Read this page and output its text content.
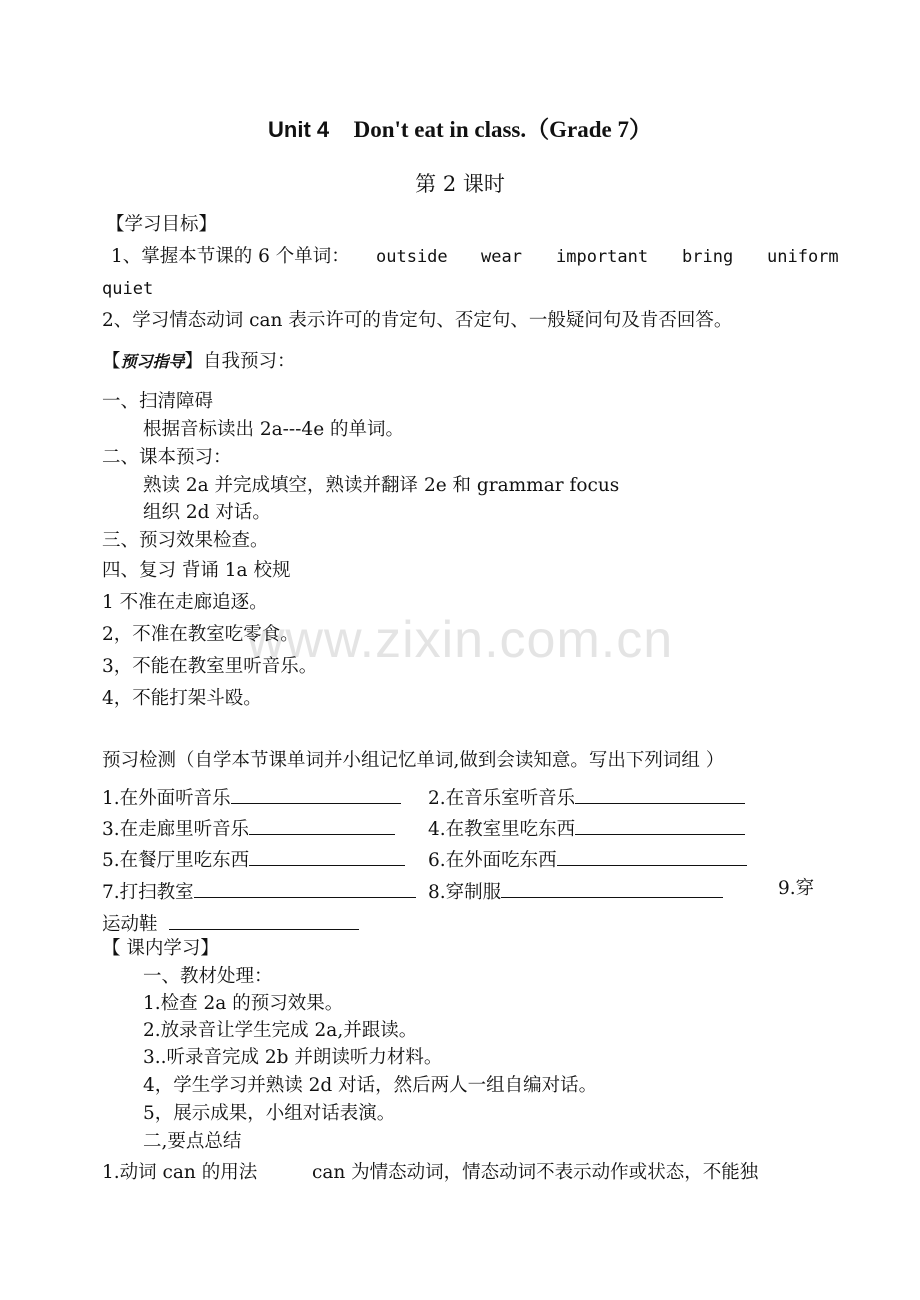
www.zixin.com.cn
Unit 4 Don't eat in class.（Grade 7）
第 2 课时
【学习目标】
1、掌握本节课的 6 个单词： outside wear important bring uniform
quiet
2、学习情态动词 can 表示许可的肯定句、否定句、一般疑问句及肯否回答。
【预习指导】自我预习：
一、扫清障碍
根据音标读出 2a---4e 的单词。
二、课本预习：
熟读 2a 并完成填空，熟读并翻译 2e 和 grammar focus
组织 2d 对话。
三、预习效果检查。
四、复习 背诵 1a 校规
1 不准在走廊追逐。
2，不准在教室吃零食。
3，不能在教室里听音乐。
4，不能打架斗殴。
预习检测（自学本节课单词并小组记忆单词,做到会读知意。写出下列词组 ）
1.在外面听音乐	2.在音乐室听音乐
3.在走廊里听音乐	4.在教室里吃东西
5.在餐厅里吃东西	6.在外面吃东西
7.打扫教室	8.穿制服	9.穿
运动鞋
【 课内学习】
一、教材处理：
1.检查 2a 的预习效果。
2.放录音让学生完成 2a,并跟读。
3..听录音完成 2b 并朗读听力材料。
4，学生学习并熟读 2d 对话，然后两人一组自编对话。
5，展示成果，小组对话表演。
二,要点总结
1.动词 can 的用法	can 为情态动词，情态动词不表示动作或状态，不能独
